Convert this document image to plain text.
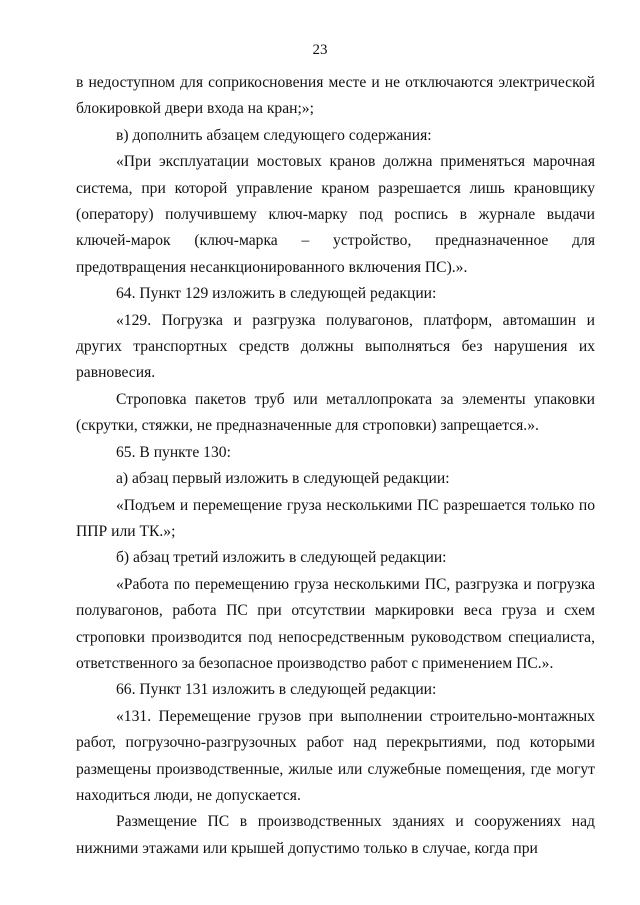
23

в недоступном для соприкосновения месте и не отключаются электрической блокировкой двери входа на кран;»;

в) дополнить абзацем следующего содержания:

«При эксплуатации мостовых кранов должна применяться марочная система, при которой управление краном разрешается лишь крановщику (оператору) получившему ключ-марку под роспись в журнале выдачи ключей-марок (ключ-марка – устройство, предназначенное для предотвращения несанкционированного включения ПС).».

64. Пункт 129 изложить в следующей редакции:

«129. Погрузка и разгрузка полувагонов, платформ, автомашин и других транспортных средств должны выполняться без нарушения их равновесия.

Строповка пакетов труб или металлопроката за элементы упаковки (скрутки, стяжки, не предназначенные для строповки) запрещается.».

65. В пункте 130:

а) абзац первый изложить в следующей редакции:

«Подъем и перемещение груза несколькими ПС разрешается только по ППР или ТК.»;

б) абзац третий изложить в следующей редакции:

«Работа по перемещению груза несколькими ПС, разгрузка и погрузка полувагонов, работа ПС при отсутствии маркировки веса груза и схем строповки производится под непосредственным руководством специалиста, ответственного за безопасное производство работ с применением ПС.».

66. Пункт 131 изложить в следующей редакции:

«131. Перемещение грузов при выполнении строительно-монтажных работ, погрузочно-разгрузочных работ над перекрытиями, под которыми размещены производственные, жилые или служебные помещения, где могут находиться люди, не допускается.

Размещение ПС в производственных зданиях и сооружениях над нижними этажами или крышей допустимо только в случае, когда при
